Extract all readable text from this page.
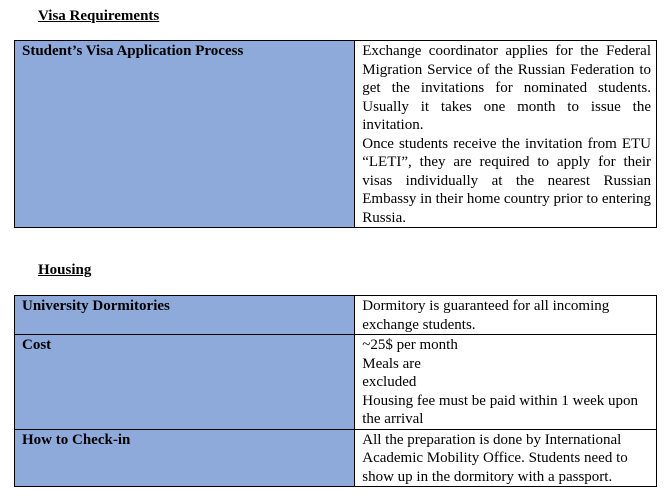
Visa Requirements
Student’s Visa Application Process	Exchange coordinator applies for the Federal Migration Service of the Russian Federation to get the invitations for nominated students. Usually it takes one month to issue the invitation.
Once students receive the invitation from ETU “LETI”, they are required to apply for their visas individually at the nearest Russian Embassy in their home country prior to entering Russia.
Housing
University Dormitories	Dormitory is guaranteed for all incoming exchange students.
Cost	~25$ per month
Meals are
excluded
Housing fee must be paid within 1 week upon the arrival

How to Check-in	All the preparation is done by International Academic Mobility Office. Students need to show up in the dormitory with a passport.
